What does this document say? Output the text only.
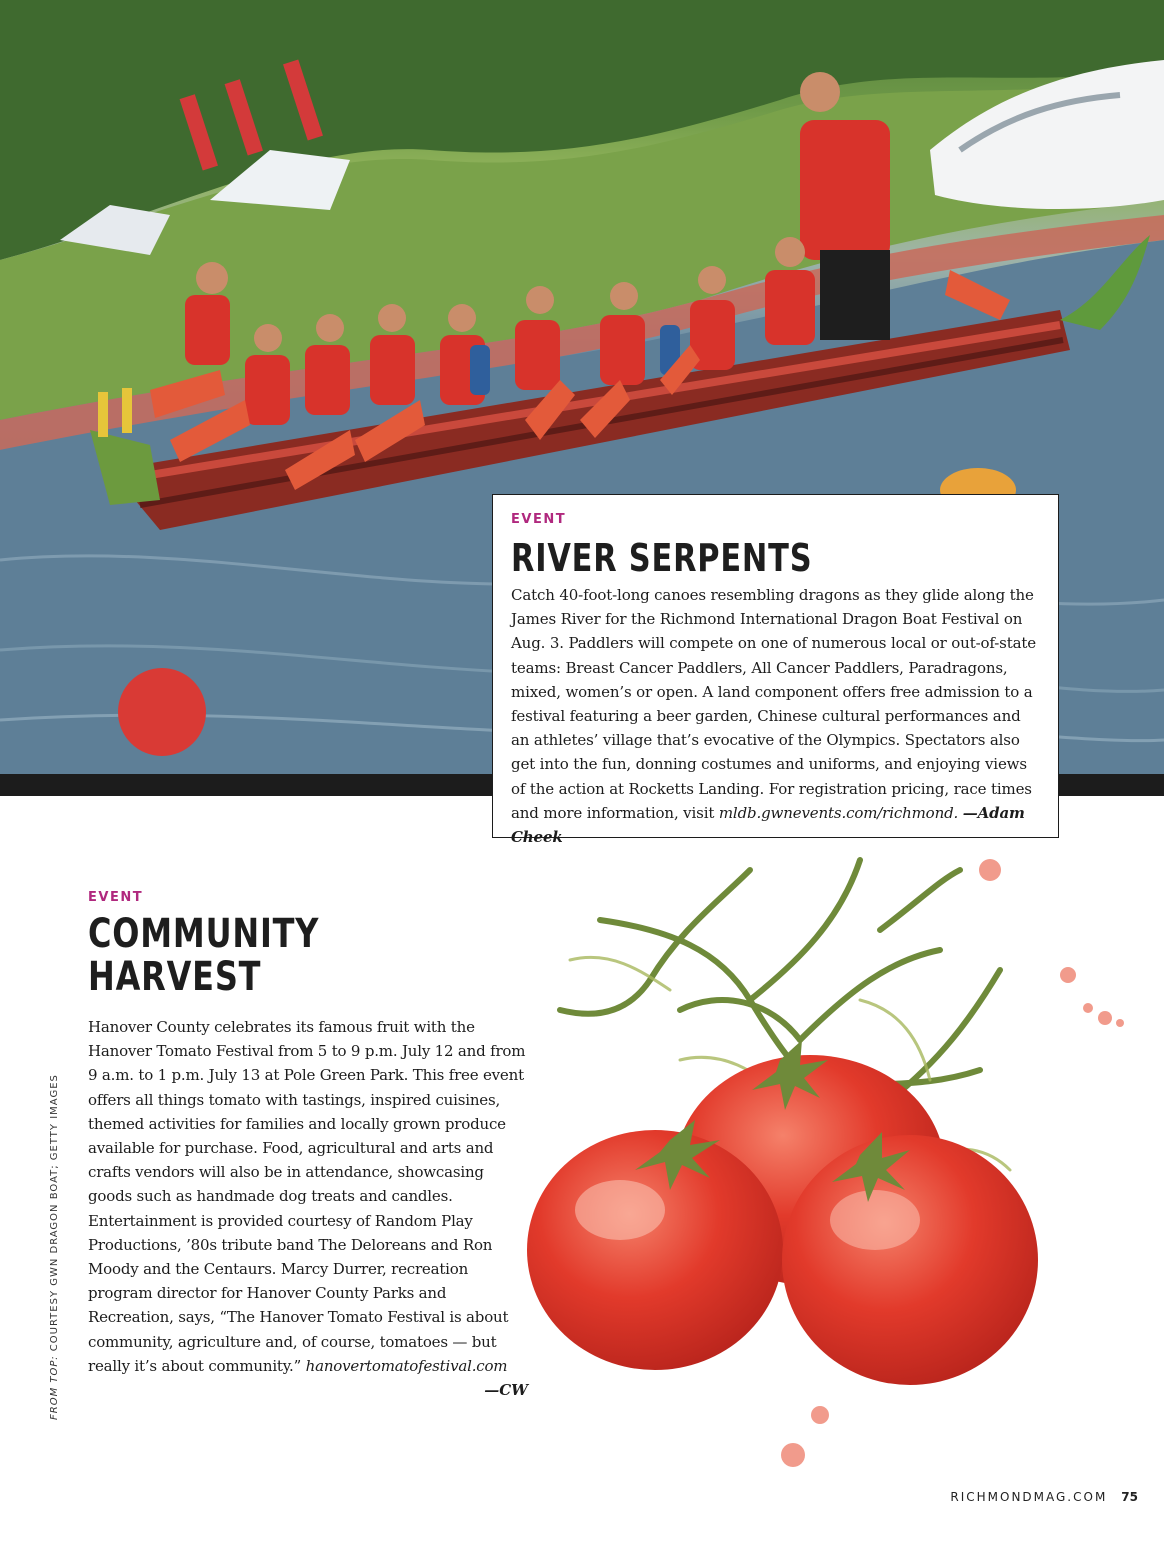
EVENT

RIVER SERPENTS

Catch 40-foot-long canoes resembling dragons as they glide along the James River for the Richmond International Dragon Boat Festival on Aug. 3. Paddlers will compete on one of numerous local or out-of-state teams: Breast Cancer Paddlers, All Cancer Paddlers, Paradragons, mixed, women’s or open. A land component offers free admission to a festival featuring a beer garden, Chinese cultural performances and an athletes’ village that’s evocative of the Olympics. Spectators also get into the fun, donning costumes and uniforms, and enjoying views of the action at Rocketts Landing. For registration pricing, race times and more information, visit mldb.gwnevents.com/richmond. —Adam Cheek

EVENT

COMMUNITY
HARVEST

Hanover County celebrates its famous fruit with the Hanover Tomato Festival from 5 to 9 p.m. July 12 and from 9 a.m. to 1 p.m. July 13 at Pole Green Park. This free event offers all things tomato with tastings, inspired cuisines, themed activities for families and locally grown produce available for purchase. Food, agricultural and arts and crafts vendors will also be in attendance, showcasing goods such as handmade dog treats and candles. Entertainment is provided courtesy of Random Play Productions, ’80s tribute band The Deloreans and Ron Moody and the Centaurs. Marcy Durrer, recreation program director for Hanover County Parks and Recreation, says, “The Hanover Tomato Festival is about community, agriculture and, of course, tomatoes — but really it’s about community.” hanovertomatofestival.com

—CW

FROM TOP: COURTESY GWN DRAGON BOAT; GETTY IMAGES
RICHMONDMAG.COM 75
